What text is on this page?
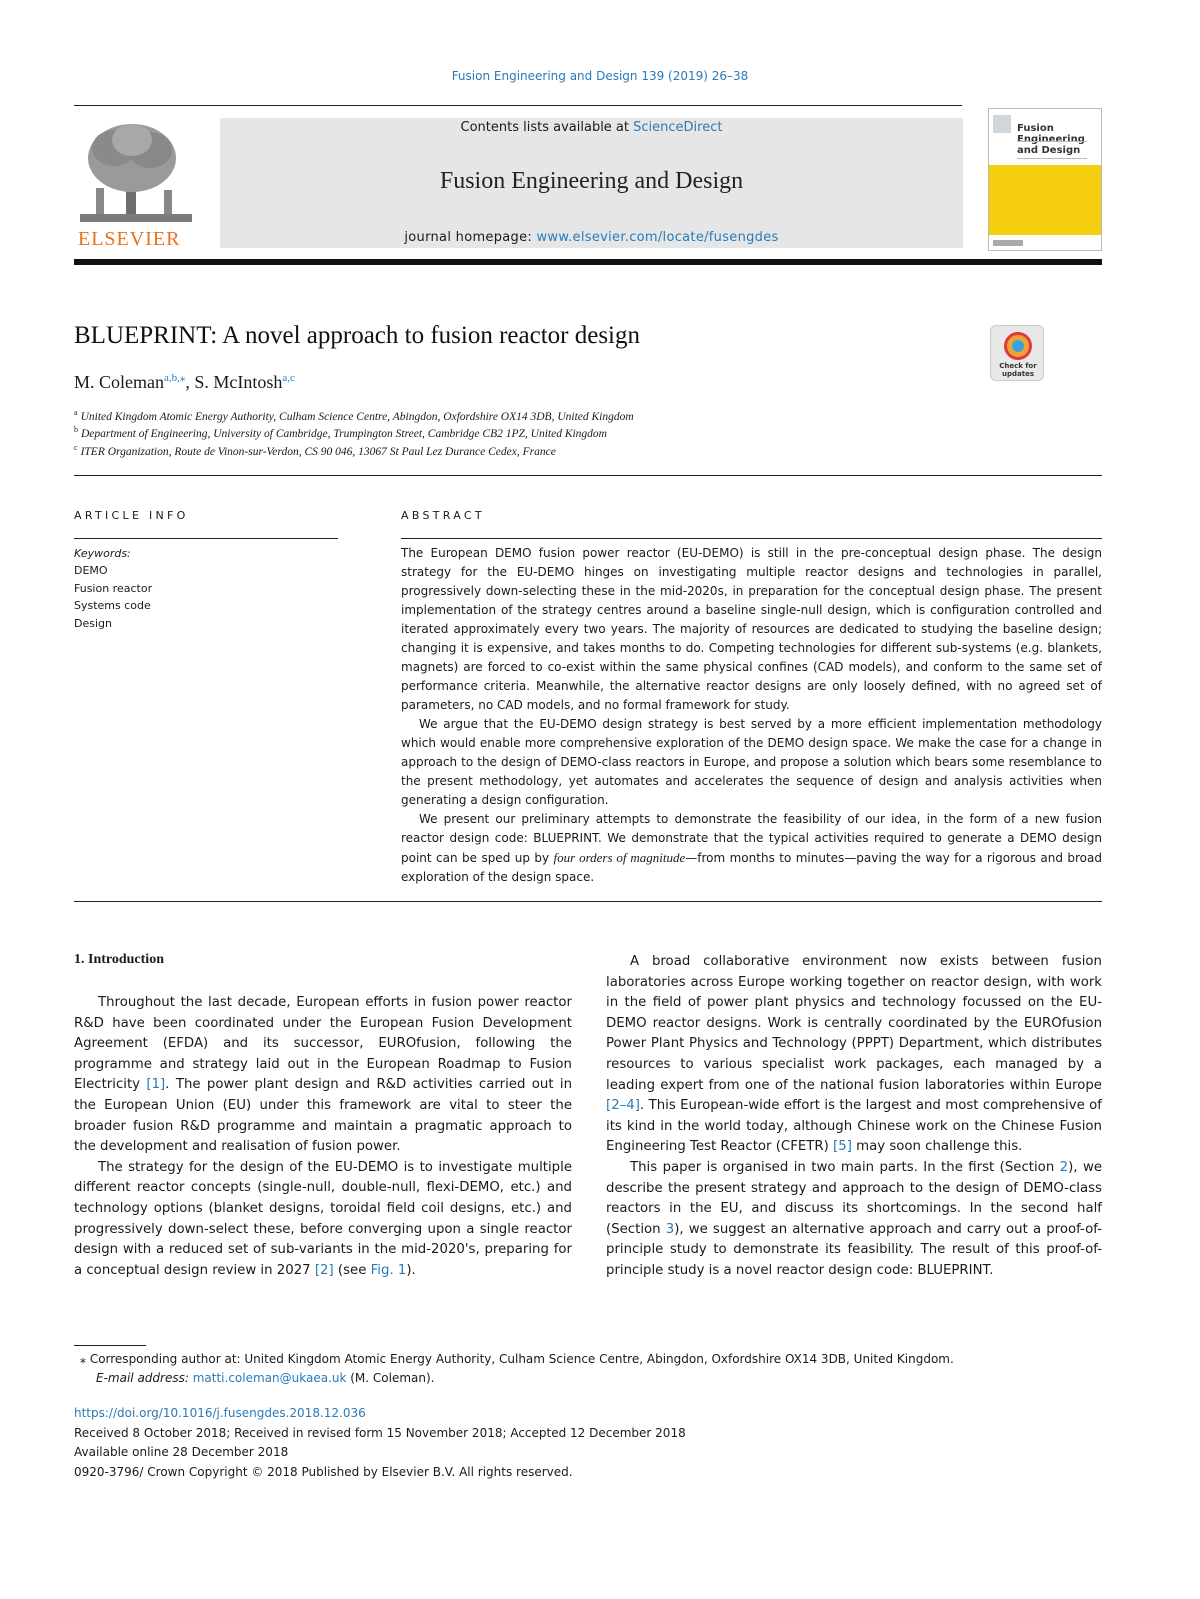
Fusion Engineering and Design 139 (2019) 26–38
ELSEVIER
Contents lists available at ScienceDirect
Fusion Engineering and Design
journal homepage: www.elsevier.com/locate/fusengdes
Fusion Engineering and Design
BLUEPRINT: A novel approach to fusion reactor design
Check for updates
M. Coleman$^{a,b,⁎}$, S. McIntosh$^{a,c}$
$^a$ United Kingdom Atomic Energy Authority, Culham Science Centre, Abingdon, Oxfordshire OX14 3DB, United Kingdom
$^b$ Department of Engineering, University of Cambridge, Trumpington Street, Cambridge CB2 1PZ, United Kingdom
$^c$ ITER Organization, Route de Vinon-sur-Verdon, CS 90 046, 13067 St Paul Lez Durance Cedex, France
ARTICLE INFO
Keywords:
DEMO
Fusion reactor
Systems code
Design
ABSTRACT

The European DEMO fusion power reactor (EU-DEMO) is still in the pre-conceptual design phase. The design strategy for the EU-DEMO hinges on investigating multiple reactor designs and technologies in parallel, progressively down-selecting these in the mid-2020s, in preparation for the conceptual design phase. The present implementation of the strategy centres around a baseline single-null design, which is configuration controlled and iterated approximately every two years. The majority of resources are dedicated to studying the baseline design; changing it is expensive, and takes months to do. Competing technologies for different sub-systems (e.g. blankets, magnets) are forced to co-exist within the same physical confines (CAD models), and conform to the same set of performance criteria. Meanwhile, the alternative reactor designs are only loosely defined, with no agreed set of parameters, no CAD models, and no formal framework for study.

We argue that the EU-DEMO design strategy is best served by a more efficient implementation methodology which would enable more comprehensive exploration of the DEMO design space. We make the case for a change in approach to the design of DEMO-class reactors in Europe, and propose a solution which bears some resemblance to the present methodology, yet automates and accelerates the sequence of design and analysis activities when generating a design configuration.

We present our preliminary attempts to demonstrate the feasibility of our idea, in the form of a new fusion reactor design code: BLUEPRINT. We demonstrate that the typical activities required to generate a DEMO design point can be sped up by four orders of magnitude—from months to minutes—paving the way for a rigorous and broad exploration of the design space.

1. Introduction

Throughout the last decade, European efforts in fusion power reactor R&D have been coordinated under the European Fusion Development Agreement (EFDA) and its successor, EUROfusion, following the programme and strategy laid out in the European Roadmap to Fusion Electricity [1]. The power plant design and R&D activities carried out in the European Union (EU) under this framework are vital to steer the broader fusion R&D programme and maintain a pragmatic approach to the development and realisation of fusion power.

The strategy for the design of the EU-DEMO is to investigate multiple different reactor concepts (single-null, double-null, flexi-DEMO, etc.) and technology options (blanket designs, toroidal field coil designs, etc.) and progressively down-select these, before converging upon a single reactor design with a reduced set of sub-variants in the mid-2020's, preparing for a conceptual design review in 2027 [2] (see Fig. 1).

A broad collaborative environment now exists between fusion laboratories across Europe working together on reactor design, with work in the field of power plant physics and technology focussed on the EU-DEMO reactor designs. Work is centrally coordinated by the EUROfusion Power Plant Physics and Technology (PPPT) Department, which distributes resources to various specialist work packages, each managed by a leading expert from one of the national fusion laboratories within Europe [2–4]. This European-wide effort is the largest and most comprehensive of its kind in the world today, although Chinese work on the Chinese Fusion Engineering Test Reactor (CFETR) [5] may soon challenge this.

This paper is organised in two main parts. In the first (Section 2), we describe the present strategy and approach to the design of DEMO-class reactors in the EU, and discuss its shortcomings. In the second half (Section 3), we suggest an alternative approach and carry out a proof-of-principle study to demonstrate its feasibility. The result of this proof-of-principle study is a novel reactor design code: BLUEPRINT.

⁎ Corresponding author at: United Kingdom Atomic Energy Authority, Culham Science Centre, Abingdon, Oxfordshire OX14 3DB, United Kingdom.
E-mail address: matti.coleman@ukaea.uk (M. Coleman).
https://doi.org/10.1016/j.fusengdes.2018.12.036
Received 8 October 2018; Received in revised form 15 November 2018; Accepted 12 December 2018
Available online 28 December 2018
0920-3796/ Crown Copyright © 2018 Published by Elsevier B.V. All rights reserved.
